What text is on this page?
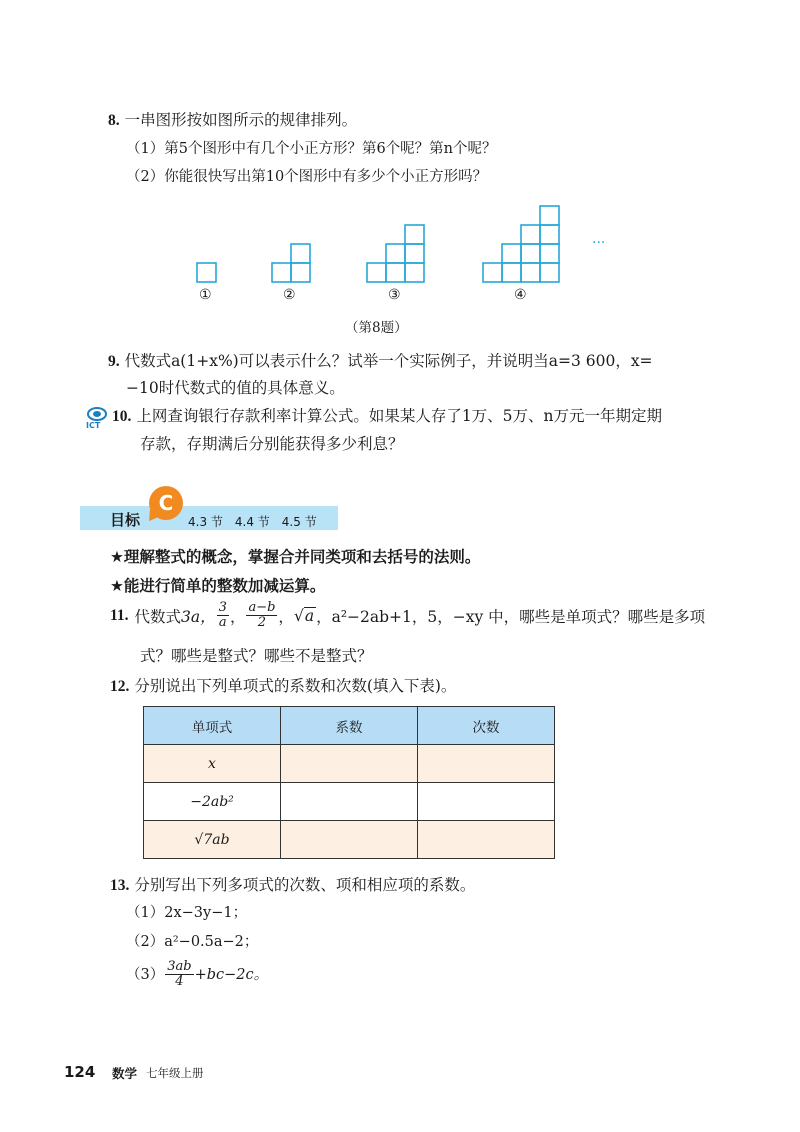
8. 一串图形按如图所示的规律排列。
（1）第5个图形中有几个小正方形？第6个呢？第n个呢？
（2）你能很快写出第10个图形中有多少个小正方形吗？
···
①	②	③	④
（第8题）
9. 代数式a(1+x%)可以表示什么？试举一个实际例子，并说明当a=3 600，x=
−10时代数式的值的具体意义。
ICT
10. 上网查询银行存款利率计算公式。如果某人存了1万、5万、n万元一年期定期
存款，存期满后分别能获得多少利息？
目标
C
4.3 节　4.4 节　4.5 节
★理解整式的概念，掌握合并同类项和去括号的法则。
★能进行简单的整数加减运算。
11. 代数式 3a， $\frac{3}{a}$ ， $\frac{a-b}{2}$ ， √ a ，a²−2ab+1，5，−xy 中，哪些是单项式？哪些是多项
式？哪些是整式？哪些不是整式？
12. 分别说出下列单项式的系数和次数(填入下表)。
单项式	系数	次数
x		
−2ab²		
√7ab		
13. 分别写出下列多项式的次数、项和相应项的系数。
（1）2x−3y−1；
（2）a²−0.5a−2；
$(3) \frac{3ab}{4} +bc-2c$。
124 数学 七年级上册
